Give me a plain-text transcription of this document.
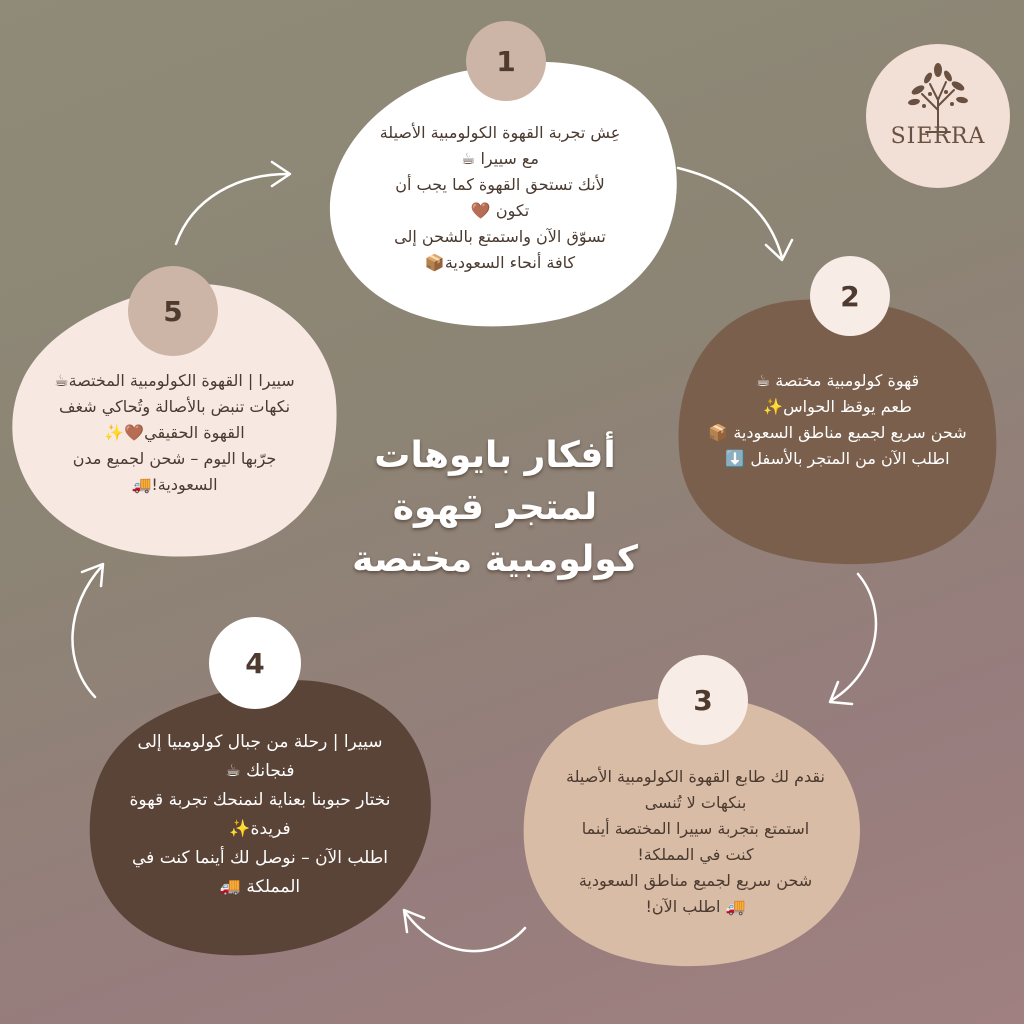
1
2
3
4
5
عِش تجربة القهوة الكولومبية الأصيلة
مع سييرا ☕
لأنك تستحق القهوة كما يجب أن
تكون 🤎
تسوّق الآن واستمتع بالشحن إلى
كافة أنحاء السعودية📦
قهوة كولومبية مختصة ☕
طعم يوقظ الحواس✨
شحن سريع لجميع مناطق السعودية 📦
اطلب الآن من المتجر بالأسفل ⬇️
نقدم لك طابع القهوة الكولومبية الأصيلة
بنكهات لا تُنسى
استمتع بتجربة سييرا المختصة أينما
كنت في المملكة!
شحن سريع لجميع مناطق السعودية
🚚 اطلب الآن!
سييرا | رحلة من جبال كولومبيا إلى
فنجانك ☕
نختار حبوبنا بعناية لنمنحك تجربة قهوة
فريدة✨
اطلب الآن – نوصل لك أينما كنت في
المملكة 🚚
سييرا | القهوة الكولومبية المختصة☕
نكهات تنبض بالأصالة وتُحاكي شغف
القهوة الحقيقي🤎✨
جرّبها اليوم – شحن لجميع مدن
السعودية!🚚
أفكار بايوهات
لمتجر قهوة
كولومبية مختصة
SIERRA
